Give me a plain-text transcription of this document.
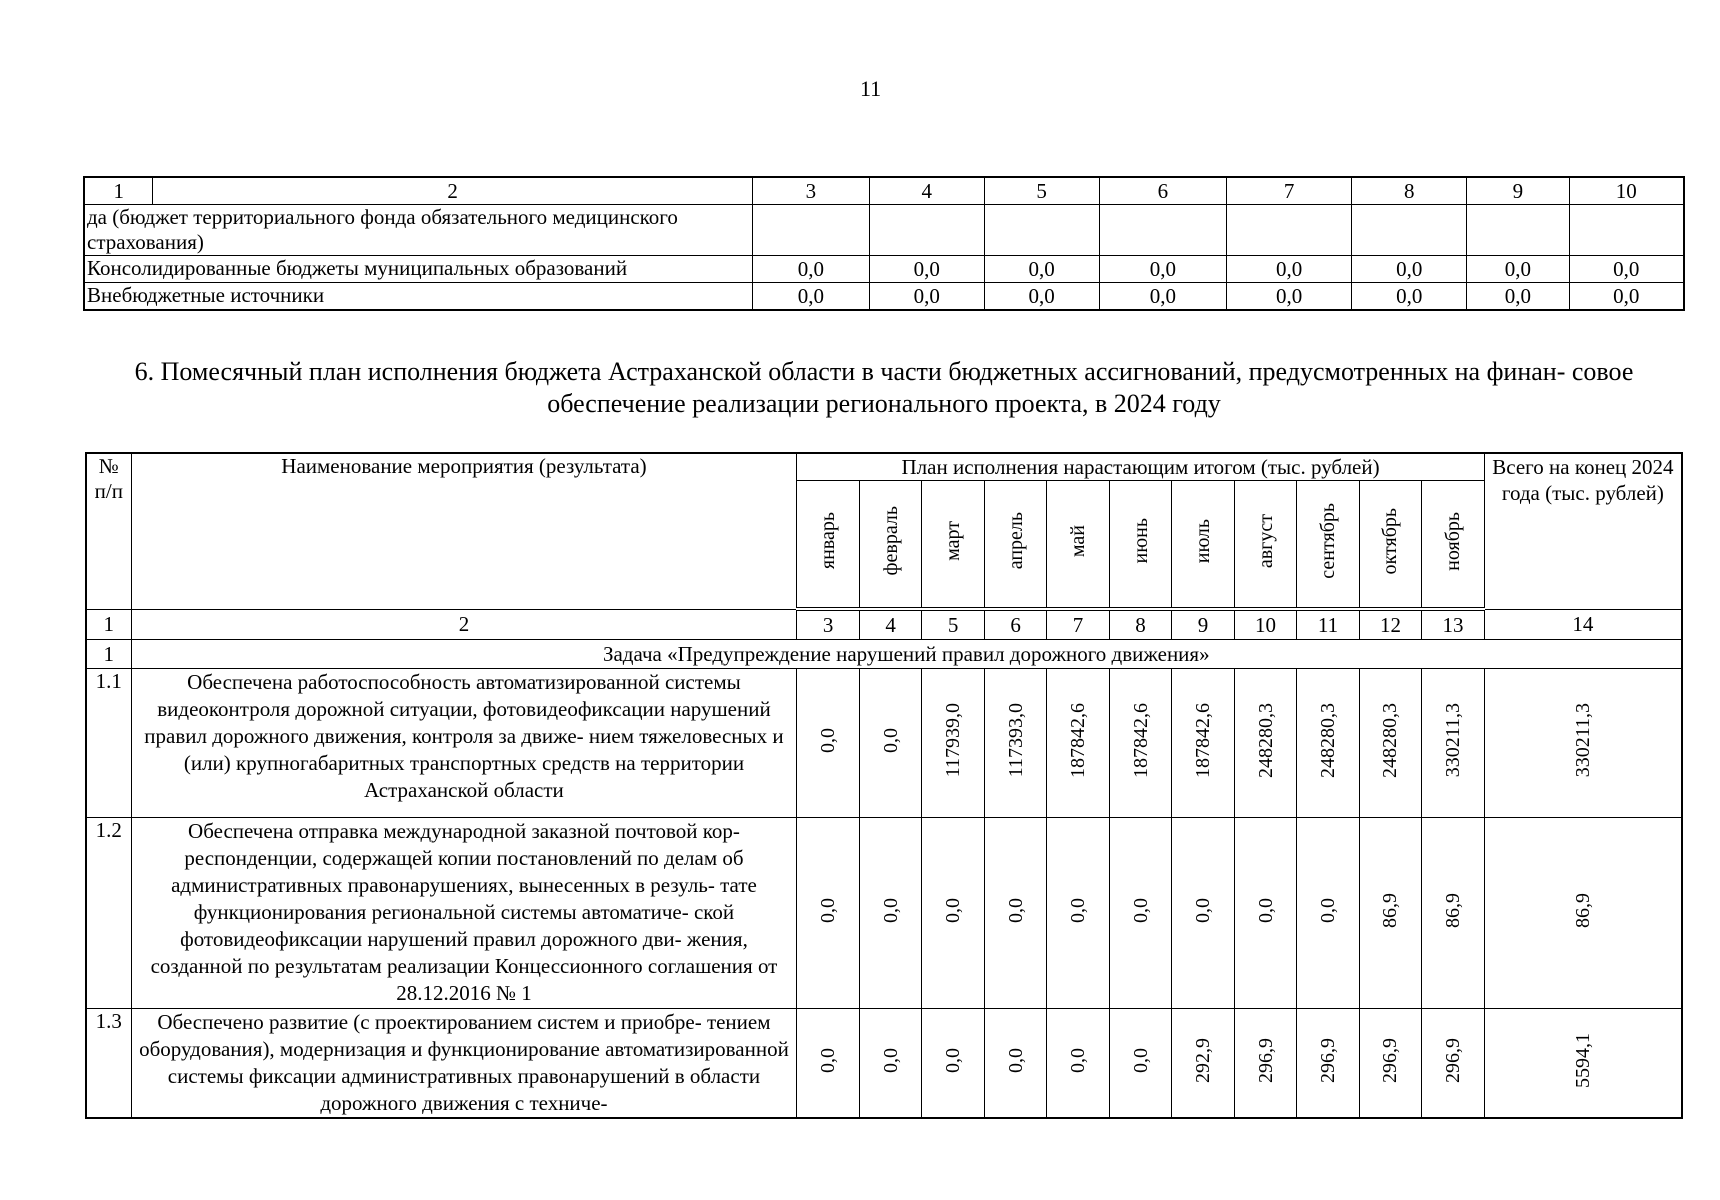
11
1	2	3	4	5	6	7	8	9	10
да (бюджет территориального фонда обязательного медицинского страхования)									
Консолидированные бюджеты муниципальных образований		0,0	0,0	0,0	0,0	0,0	0,0	0,0	0,0
Внебюджетные источники		0,0	0,0	0,0	0,0	0,0	0,0	0,0	0,0
6. Помесячный план исполнения бюджета Астраханской области в части бюджетных ассигнований, предусмотренных на финан- совое обеспечение реализации регионального проекта, в 2024 году
№ п/п	Наименование мероприятия (результата)	План исполнения нарастающим итогом (тыс. рублей)											Всего на конец 2024 года (тыс. рублей)
		январь	февраль	март	апрель	май	июнь	июль	август	сентябрь	октябрь	ноябрь	
1	2	3	4	5	6	7	8	9	10	11	12	13	14
1	Задача «Предупреждение нарушений правил дорожного движения»												
1.1	Обеспечена работоспособность автоматизированной системы видеоконтроля дорожной ситуации, фотовидеофиксации нарушений правил дорожного движения, контроля за движе- нием тяжеловесных и (или) крупногабаритных транспортных средств на территории Астраханской области	0,0	0,0	117939,0	117393,0	187842,6	187842,6	187842,6	248280,3	248280,3	248280,3	330211,3	330211,3
1.2	Обеспечена отправка международной заказной почтовой кор- респонденции, содержащей копии постановлений по делам об административных правонарушениях, вынесенных в резуль- тате функционирования региональной системы автоматиче- ской фотовидеофиксации нарушений правил дорожного дви- жения, созданной по результатам реализации Концессионного соглашения от 28.12.2016 № 1	0,0	0,0	0,0	0,0	0,0	0,0	0,0	0,0	0,0	86,9	86,9	86,9
1.3	Обеспечено развитие (с проектированием систем и приобре- тением оборудования), модернизация и функционирование автоматизированной системы фиксации административных правонарушений в области дорожного движения с техниче-	0,0	0,0	0,0	0,0	0,0	0,0	292,9	296,9	296,9	296,9	296,9	5594,1
